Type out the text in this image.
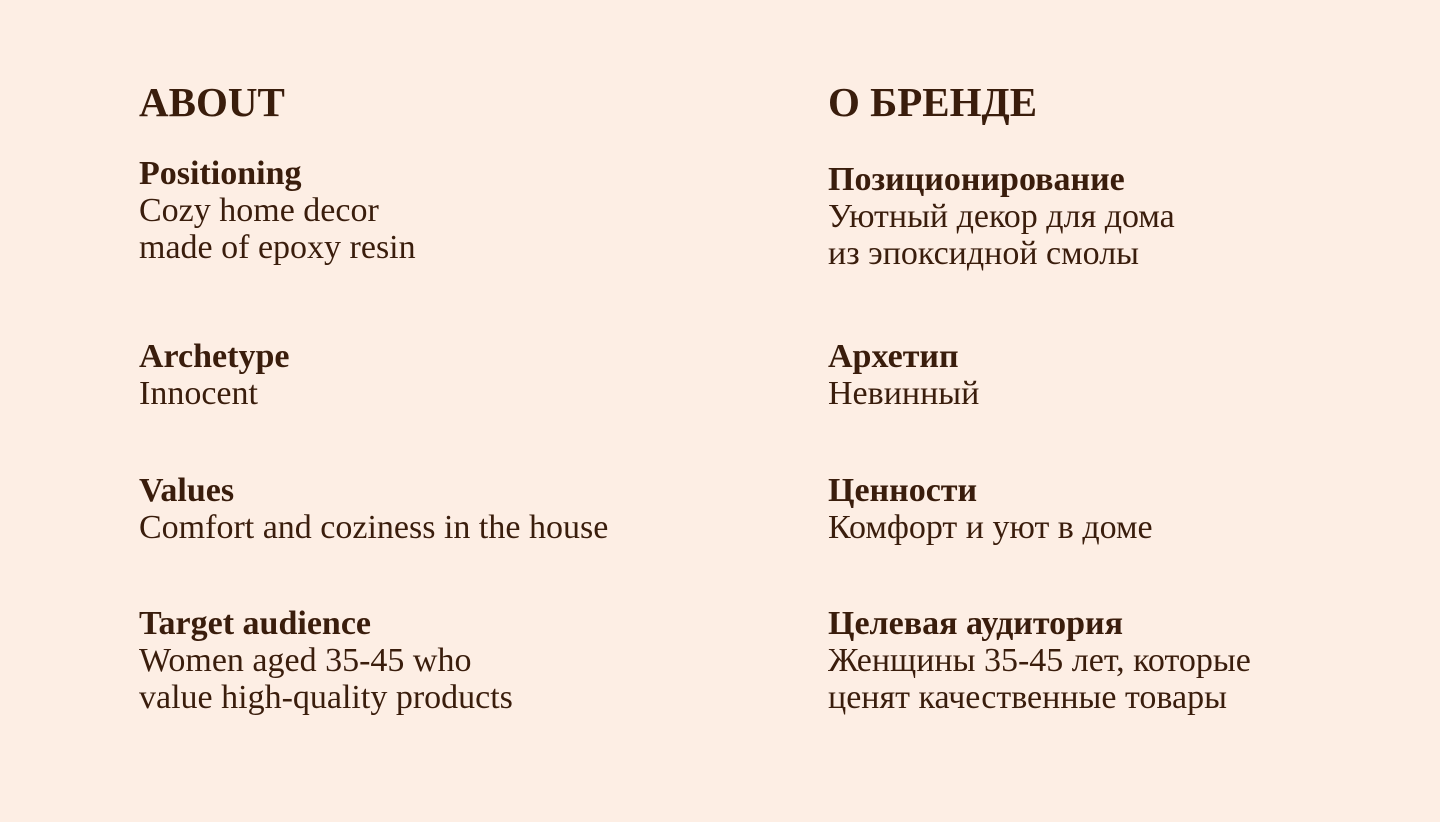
ABOUT
Positioning
Cozy home decor
made of epoxy resin
Archetype
Innocent
Values
Comfort and coziness in the house
Target audience
Women aged 35-45 who
value high-quality products
О БРЕНДЕ
Позиционирование
Уютный декор для дома
из эпоксидной смолы
Архетип
Невинный
Ценности
Комфорт и уют в доме
Целевая аудитория
Женщины 35-45 лет, которые
ценят качественные товары
